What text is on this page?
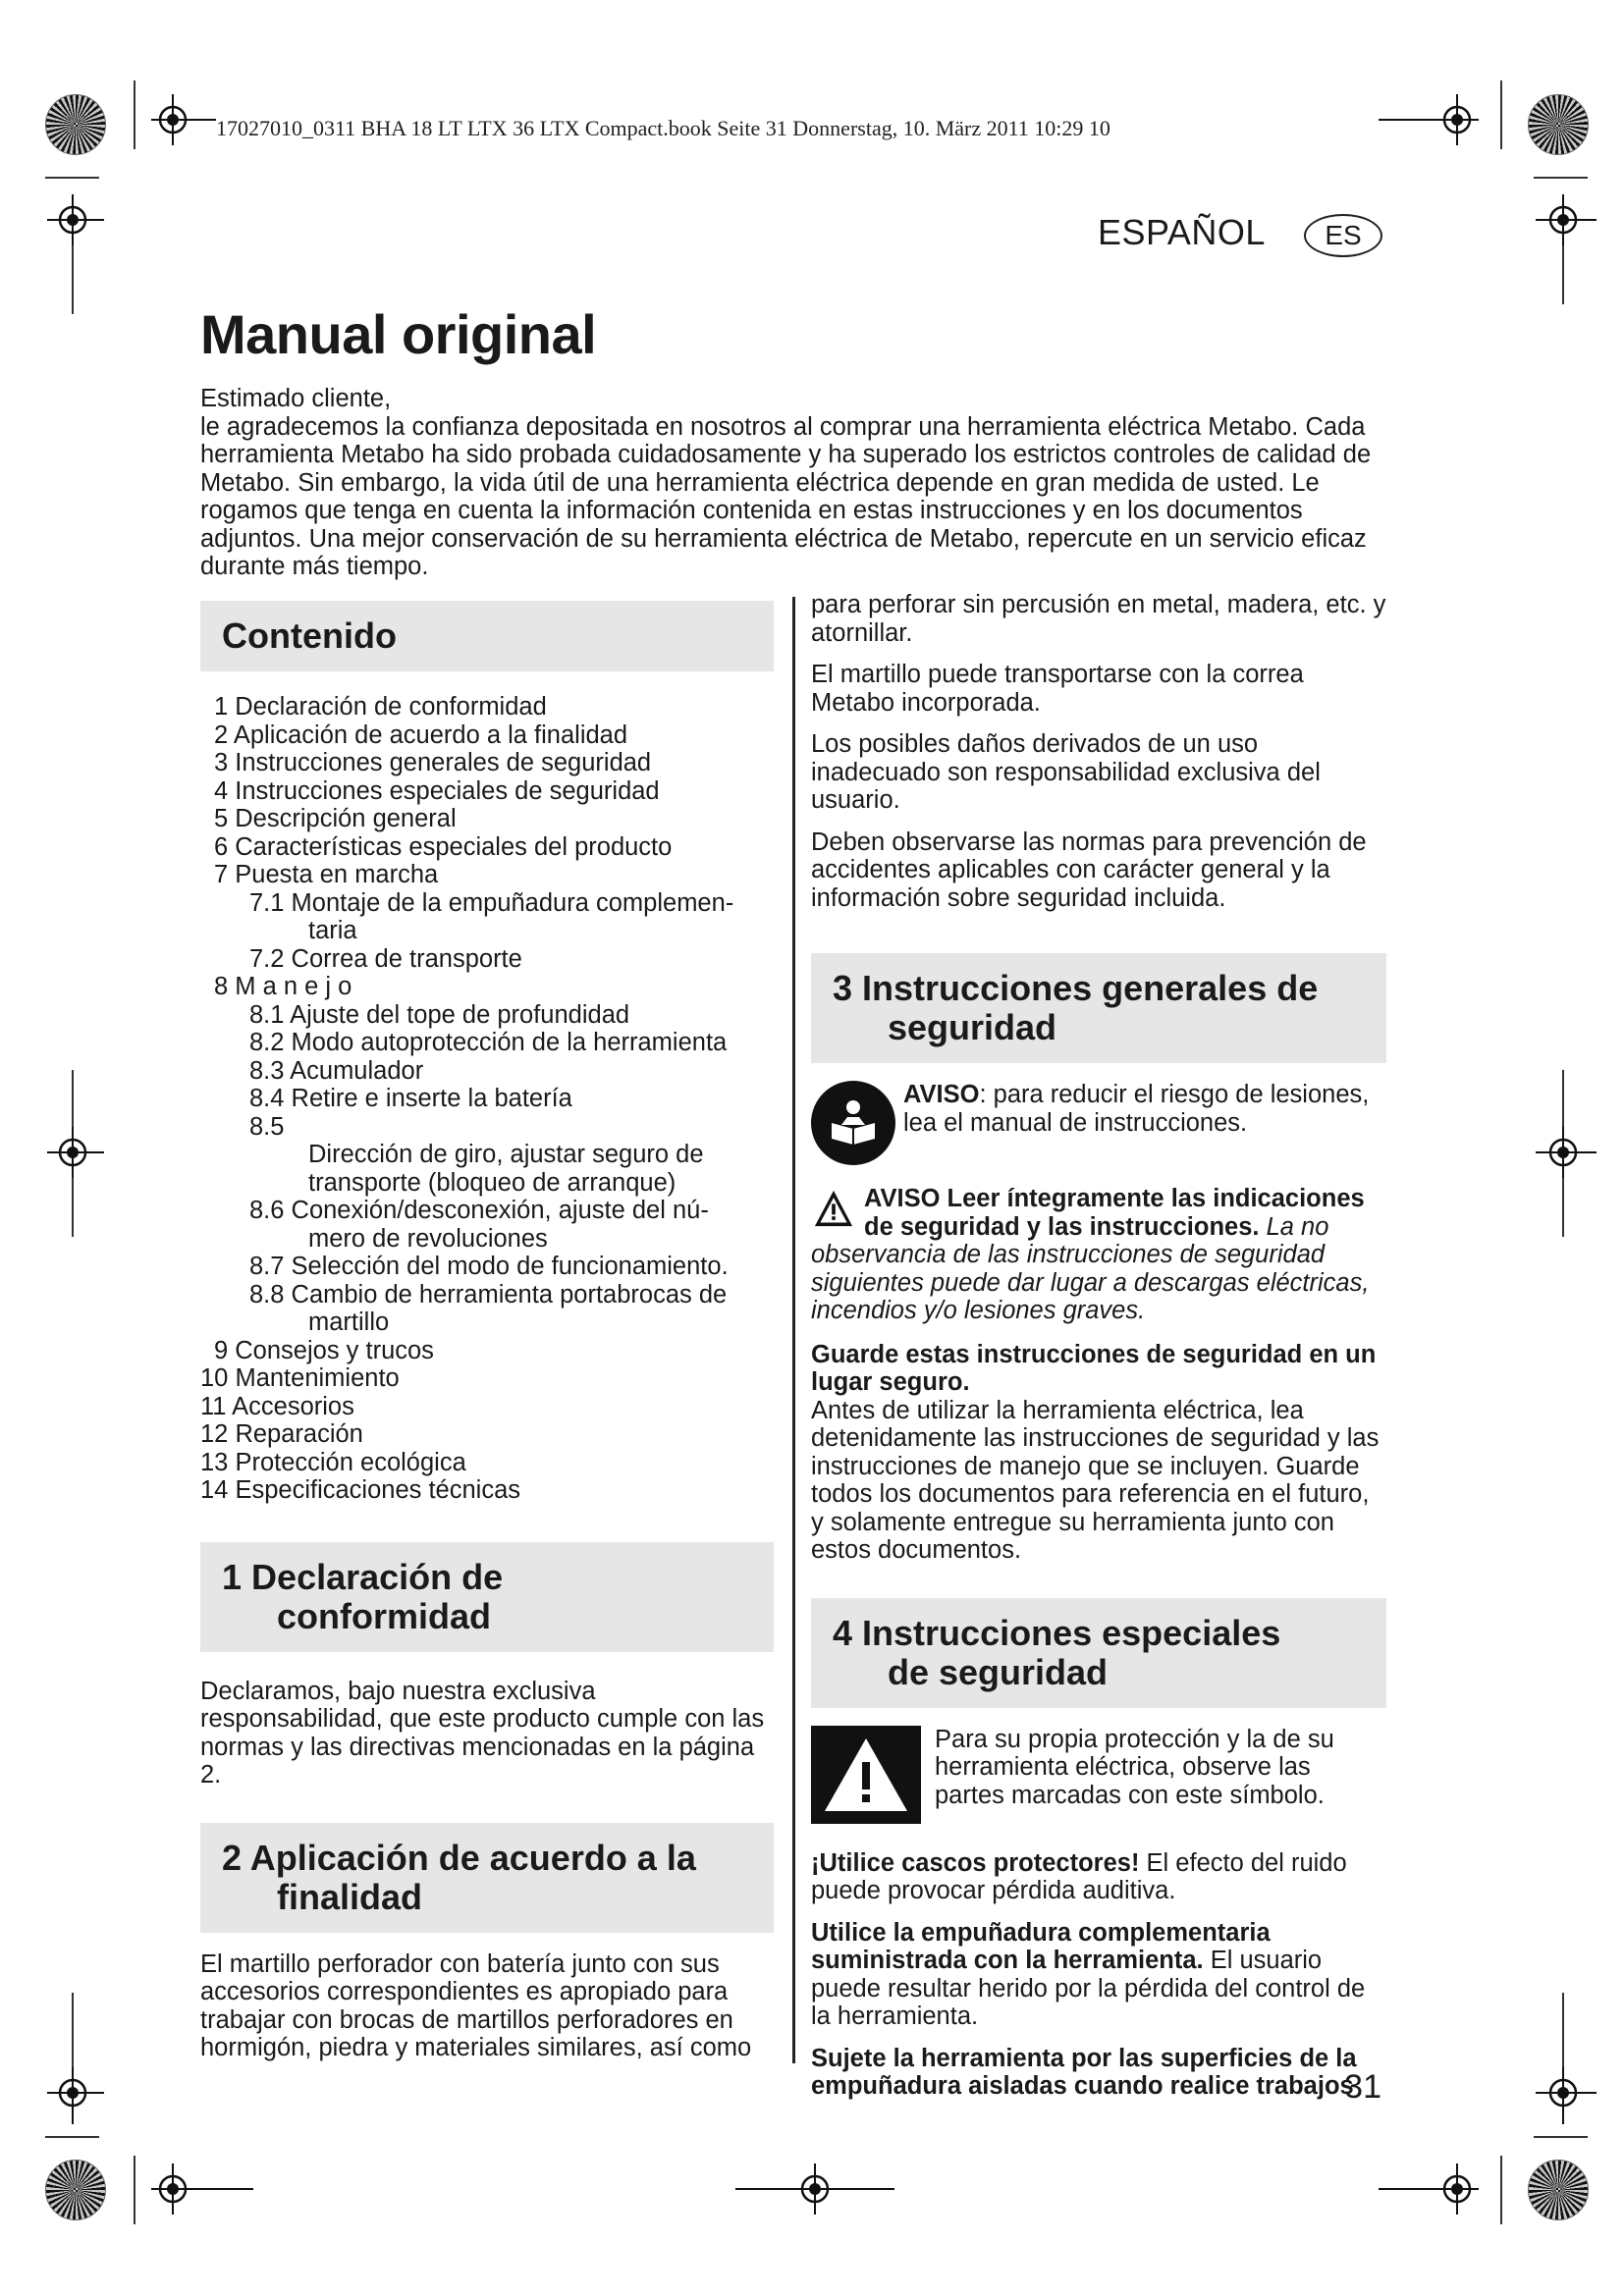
17027010_0311 BHA 18 LT LTX 36 LTX Compact.book Seite 31 Donnerstag, 10. März 2011 10:29 10
ESPAÑOL	ES
Manual original

Estimado cliente,

le agradecemos la confianza depositada en nosotros al comprar una herramienta eléctrica Metabo. Cada herramienta Metabo ha sido probada cuidadosamente y ha superado los estrictos controles de calidad de Metabo. Sin embargo, la vida útil de una herramienta eléctrica depende en gran medida de usted. Le rogamos que tenga en cuenta la información contenida en estas instrucciones y en los documentos adjuntos. Una mejor conservación de su herramienta eléctrica de Metabo, repercute en un servicio eficaz durante más tiempo.

Contenido
1 Declaración de conformidad
2 Aplicación de acuerdo a la finalidad
3 Instrucciones generales de seguridad
4 Instrucciones especiales de seguridad
5 Descripción general
6 Características especiales del producto
7 Puesta en marcha
7.1 Montaje de la empuñadura complemen-
taria
7.2 Correa de transporte
8 M a n e j o
8.1 Ajuste del tope de profundidad
8.2 Modo autoprotección de la herramienta
8.3 Acumulador
8.4 Retire e inserte la batería
8.5
Dirección de giro, ajustar seguro de
transporte (bloqueo de arranque)
8.6 Conexión/desconexión, ajuste del nú-
mero de revoluciones
8.7 Selección del modo de funcionamiento.
8.8 Cambio de herramienta portabrocas de
martillo
9 Consejos y trucos
10 Mantenimiento
11 Accesorios
12 Reparación
13 Protección ecológica
14 Especificaciones técnicas
1 Declaración de
conformidad

Declaramos, bajo nuestra exclusiva responsabilidad, que este producto cumple con las normas y las directivas mencionadas en la página 2.

2 Aplicación de acuerdo a la
finalidad

El martillo perforador con batería junto con sus accesorios correspondientes es apropiado para trabajar con brocas de martillos perforadores en hormigón, piedra y materiales similares, así como

para perforar sin percusión en metal, madera, etc. y atornillar.

El martillo puede transportarse con la correa Metabo incorporada.

Los posibles daños derivados de un uso inadecuado son responsabilidad exclusiva del usuario.

Deben observarse las normas para prevención de accidentes aplicables con carácter general y la información sobre seguridad incluida.

3 Instrucciones generales de
seguridad
AVISO: para reducir el riesgo de lesiones, lea el manual de instrucciones.
AVISO Leer íntegramente las indicaciones de seguridad y las instrucciones. La no observancia de las instrucciones de seguridad siguientes puede dar lugar a descargas eléctricas, incendios y/o lesiones graves.
Guarde estas instrucciones de seguridad en un lugar seguro.
Antes de utilizar la herramienta eléctrica, lea detenidamente las instrucciones de seguridad y las instrucciones de manejo que se incluyen. Guarde todos los documentos para referencia en el futuro, y solamente entregue su herramienta junto con estos documentos.
4 Instrucciones especiales
de seguridad
Para su propia protección y la de su herramienta eléctrica, observe las partes marcadas con este símbolo.

¡Utilice cascos protectores! El efecto del ruido puede provocar pérdida auditiva.

Utilice la empuñadura complementaria suministrada con la herramienta. El usuario puede resultar herido por la pérdida del control de la herramienta.

Sujete la herramienta por las superficies de la empuñadura aisladas cuando realice trabajos

31
